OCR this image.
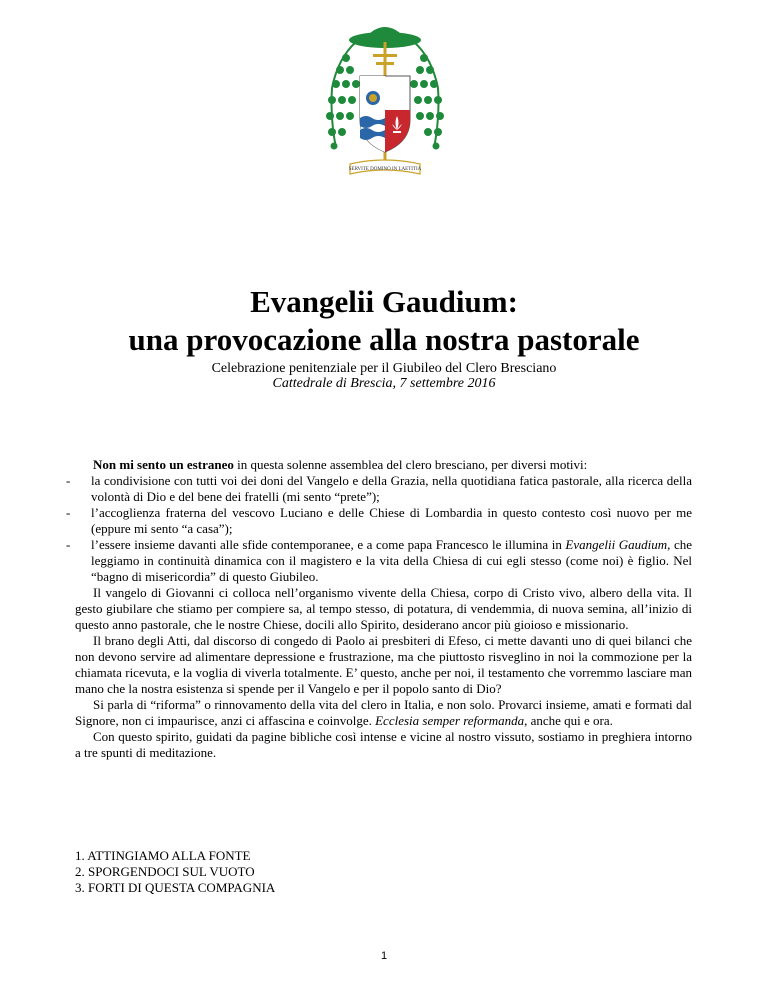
SERVITE DOMINO IN LAETITIA
Evangelii Gaudium:
una provocazione alla nostra pastorale
Celebrazione penitenziale per il Giubileo del Clero Bresciano
Cattedrale di Brescia, 7 settembre 2016
Non mi sento un estraneo in questa solenne assemblea del clero bresciano, per diversi motivi:
- la condivisione con tutti voi dei doni del Vangelo e della Grazia, nella quotidiana fatica pastorale, alla ricerca della volontà di Dio e del bene dei fratelli (mi sento “prete”);
- l’accoglienza fraterna del vescovo Luciano e delle Chiese di Lombardia in questo contesto così nuovo per me (eppure mi sento “a casa”);
- l’essere insieme davanti alle sfide contemporanee, e a come papa Francesco le illumina in Evangelii Gaudium, che leggiamo in continuità dinamica con il magistero e la vita della Chiesa di cui egli stesso (come noi) è figlio. Nel “bagno di misericordia” di questo Giubileo.

Il vangelo di Giovanni ci colloca nell’organismo vivente della Chiesa, corpo di Cristo vivo, albero della vita. Il gesto giubilare che stiamo per compiere sa, al tempo stesso, di potatura, di vendemmia, di nuova semina, all’inizio di questo anno pastorale, che le nostre Chiese, docili allo Spirito, desiderano ancor più gioioso e missionario.

Il brano degli Atti, dal discorso di congedo di Paolo ai presbiteri di Efeso, ci mette davanti uno di quei bilanci che non devono servire ad alimentare depressione e frustrazione, ma che piuttosto risveglino in noi la commozione per la chiamata ricevuta, e la voglia di viverla totalmente. E’ questo, anche per noi, il testamento che vorremmo lasciare man mano che la nostra esistenza si spende per il Vangelo e per il popolo santo di Dio?

Si parla di “riforma” o rinnovamento della vita del clero in Italia, e non solo. Provarci insieme, amati e formati dal Signore, non ci impaurisce, anzi ci affascina e coinvolge. Ecclesia semper reformanda, anche qui e ora.

Con questo spirito, guidati da pagine bibliche così intense e vicine al nostro vissuto, sostiamo in preghiera intorno a tre spunti di meditazione.

1. ATTINGIAMO ALLA FONTE
2. SPORGENDOCI SUL VUOTO
3. FORTI DI QUESTA COMPAGNIA
1
